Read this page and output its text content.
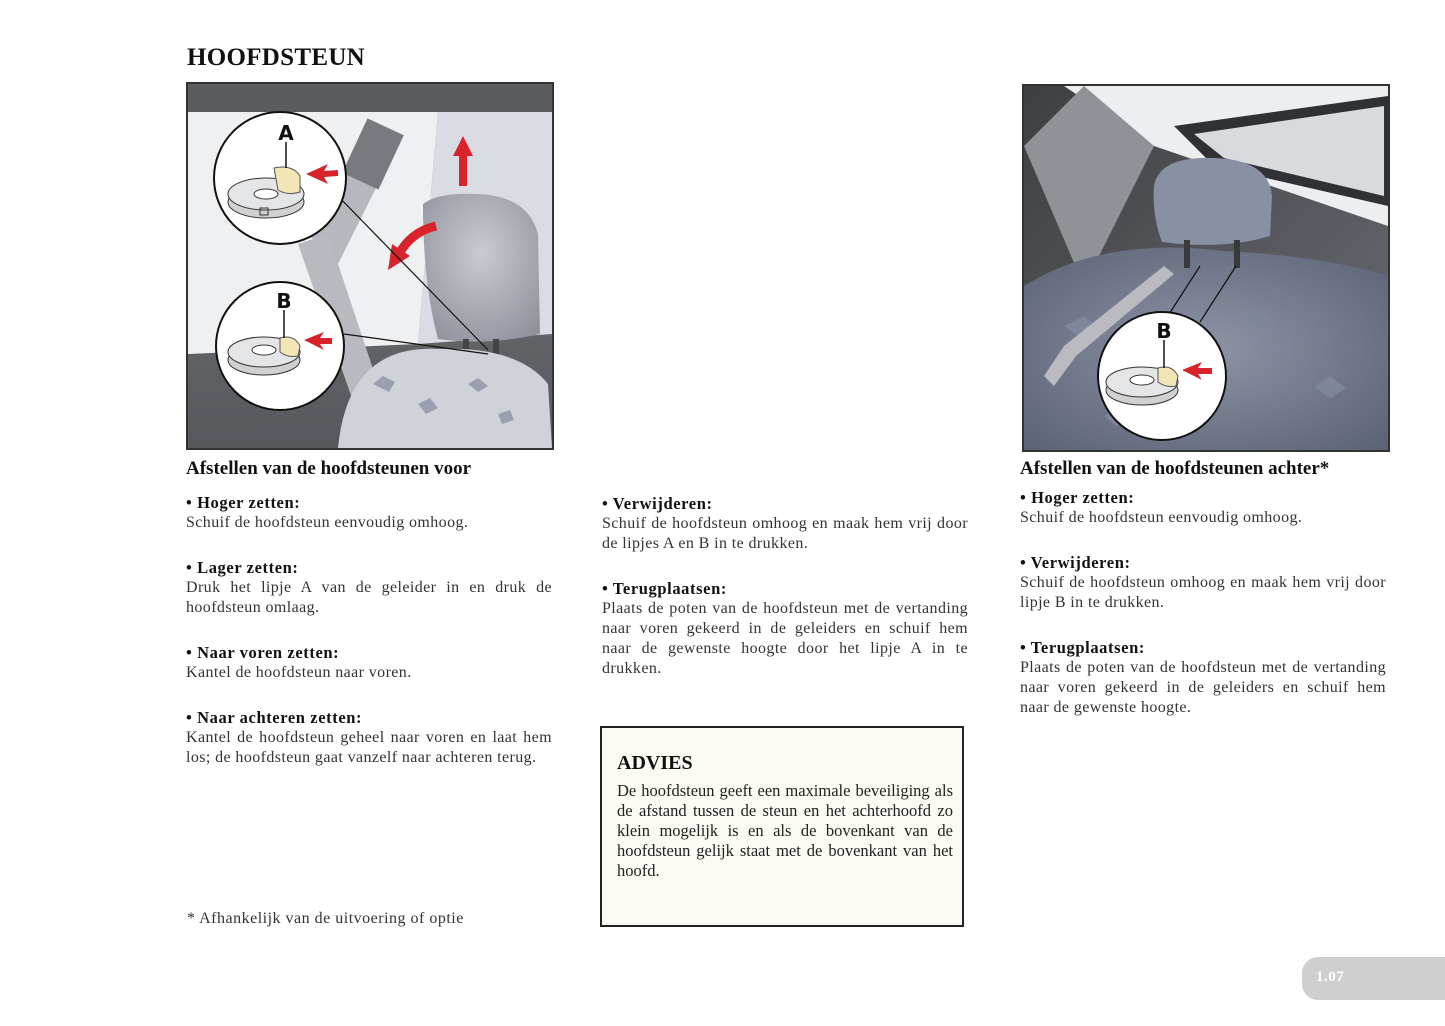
HOOFDSTEUN
A
B
B
Afstellen van de hoofdsteunen voor

• Hoger zetten:

Schuif de hoofdsteun eenvoudig omhoog.

• Lager zetten:

Druk het lipje A van de geleider in en druk de hoofdsteun omlaag.

• Naar voren zetten:

Kantel de hoofdsteun naar voren.

• Naar achteren zetten:

Kantel de hoofdsteun geheel naar voren en laat hem los; de hoofdsteun gaat vanzelf naar achteren terug.

* Afhankelijk van de uitvoering of optie

• Verwijderen:

Schuif de hoofdsteun omhoog en maak hem vrij door de lipjes A en B in te drukken.

• Terugplaatsen:

Plaats de poten van de hoofdsteun met de vertanding naar voren gekeerd in de geleiders en schuif hem naar de gewenste hoogte door het lipje A in te drukken.

ADVIES

De hoofdsteun geeft een maximale beveiliging als de afstand tussen de steun en het achterhoofd zo klein mogelijk is en als de bovenkant van de hoofdsteun gelijk staat met de bovenkant van het hoofd.

Afstellen van de hoofdsteunen achter*

• Hoger zetten:

Schuif de hoofdsteun eenvoudig omhoog.

• Verwijderen:

Schuif de hoofdsteun omhoog en maak hem vrij door lipje B in te drukken.

• Terugplaatsen:

Plaats de poten van de hoofdsteun met de vertanding naar voren gekeerd in de geleiders en schuif hem naar de gewenste hoogte.

1.07
